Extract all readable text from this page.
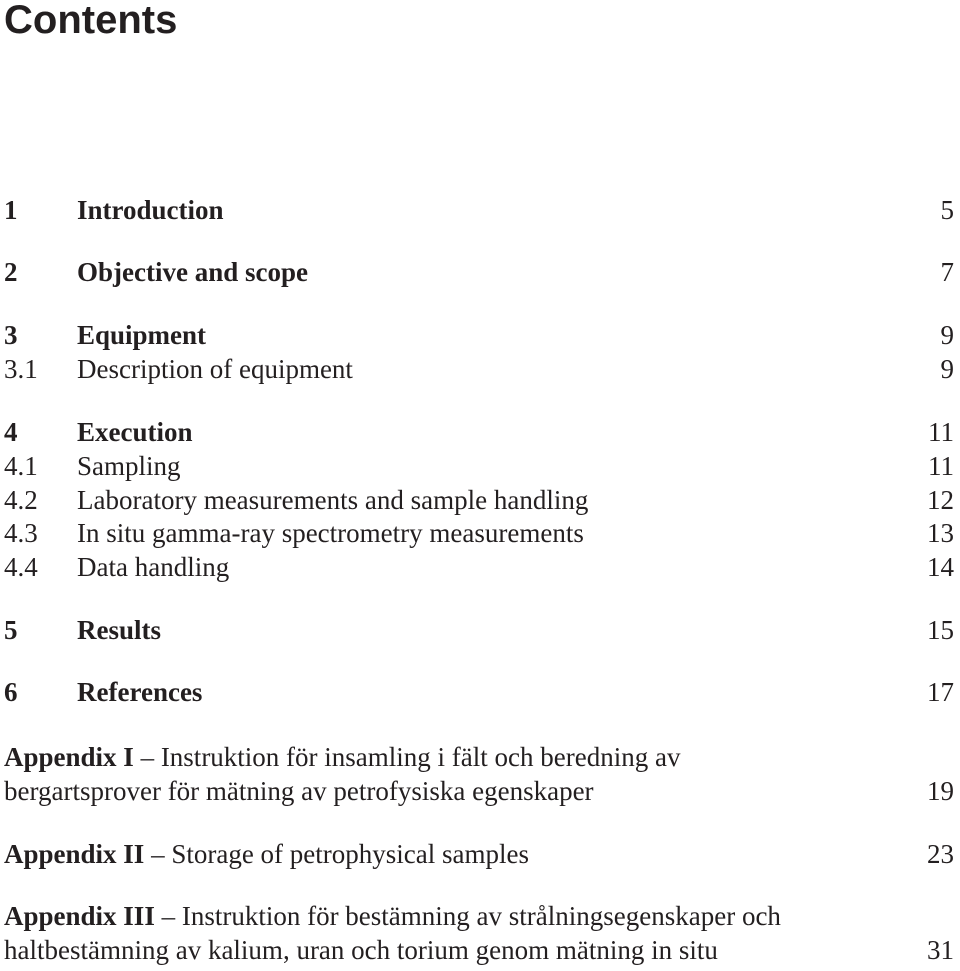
Contents
1 Introduction	5
2 Objective and scope	7
3 Equipment	9
3.1 Description of equipment	9
4 Execution	11
4.1 Sampling	11
4.2 Laboratory measurements and sample handling	12
4.3 In situ gamma-ray spectrometry measurements	13
4.4 Data handling	14
5 Results	15
6 References	17
Appendix I – Instruktion för insamling i fält och beredning av
bergartsprover för mätning av petrofysiska egenskaper	19
Appendix II – Storage of petrophysical samples	23
Appendix III – Instruktion för bestämning av strålningsegenskaper och
haltbestämning av kalium, uran och torium genom mätning in situ	31
